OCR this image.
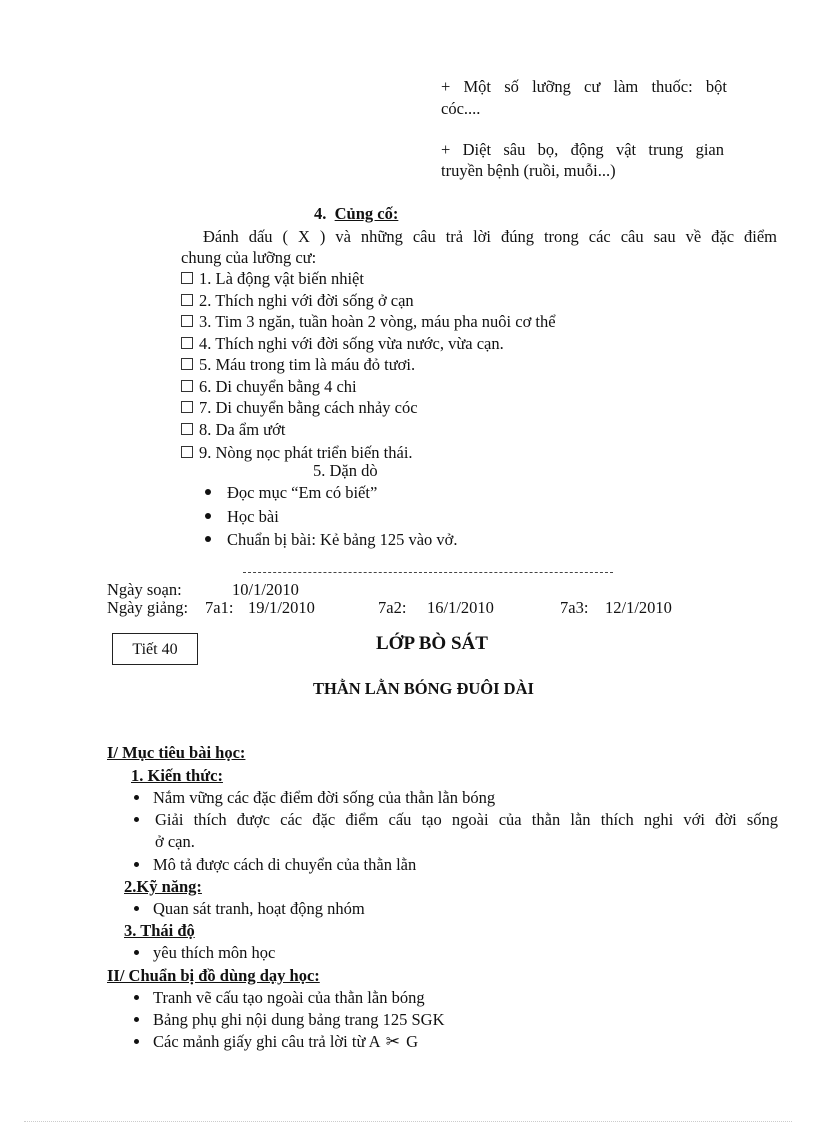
+ Một số lưỡng cư làm thuốc: bột
cóc....
+ Diệt sâu bọ, động vật trung gian
truyền bệnh (ruồi, muỗi...)
4. Củng cố:
Đánh dấu ( X ) và những câu trả lời đúng trong các câu sau về đặc điểm
chung của lưỡng cư:
1. Là động vật biến nhiệt
2. Thích nghi với đời sống ở cạn
3. Tim 3 ngăn, tuần hoàn 2 vòng, máu pha nuôi cơ thể
4. Thích nghi với đời sống vừa nước, vừa cạn.
5. Máu trong tim là máu đỏ tươi.
6. Di chuyển bằng 4 chi
7. Di chuyển bằng cách nhảy cóc
8. Da ẩm ướt
9. Nòng nọc phát triển biến thái.
5. Dặn dò
Đọc mục “Em có biết”
Học bài
Chuẩn bị bài: Kẻ bảng 125 vào vở.
Ngày soạn:	10/1/2010
Ngày giảng: 7a1: 19/1/2010	7a2: 16/1/2010	7a3: 12/1/2010
Tiết 40	LỚP BÒ SÁT
THẰN LẰN BÓNG ĐUÔI DÀI
I/ Mục tiêu bài học:
1. Kiến thức:
Nắm vững các đặc điểm đời sống của thằn lằn bóng
Giải thích được các đặc điểm cấu tạo ngoài của thằn lằn thích nghi với đời sống
ở cạn.
Mô tả được cách di chuyển của thằn lằn
2.Kỹ năng:
Quan sát tranh, hoạt động nhóm
3. Thái độ
yêu thích môn học
II/ Chuẩn bị đồ dùng dạy học:
Tranh vẽ cấu tạo ngoài của thằn lằn bóng
Bảng phụ ghi nội dung bảng trang 125 SGK
Các mảnh giấy ghi câu trả lời từ A ✂ G
